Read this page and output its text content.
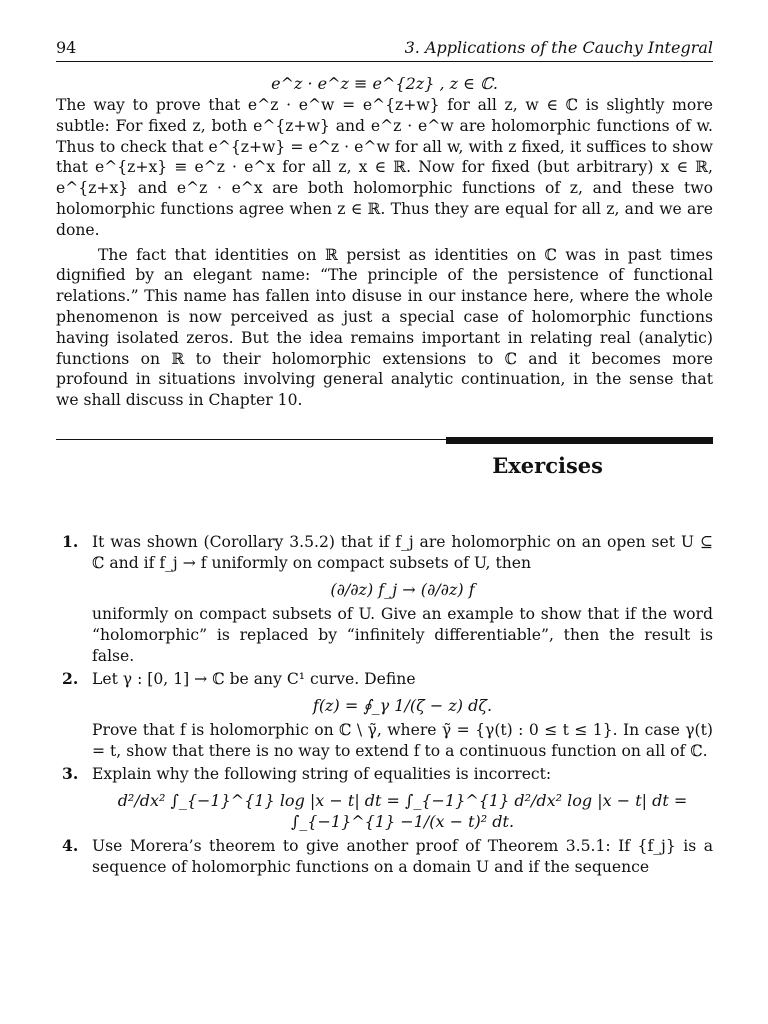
94	3. Applications of the Cauchy Integral

e^z · e^z ≡ e^{2z} , z ∈ ℂ.

The way to prove that e^z · e^w = e^{z+w} for all z, w ∈ ℂ is slightly more subtle: For fixed z, both e^{z+w} and e^z · e^w are holomorphic functions of w. Thus to check that e^{z+w} = e^z · e^w for all w, with z fixed, it suffices to show that e^{z+x} ≡ e^z · e^x for all z, x ∈ ℝ. Now for fixed (but arbitrary) x ∈ ℝ, e^{z+x} and e^z · e^x are both holomorphic functions of z, and these two holomorphic functions agree when z ∈ ℝ. Thus they are equal for all z, and we are done.

The fact that identities on ℝ persist as identities on ℂ was in past times dignified by an elegant name: “The principle of the persistence of functional relations.” This name has fallen into disuse in our instance here, where the whole phenomenon is now perceived as just a special case of holomorphic functions having isolated zeros. But the idea remains important in relating real (analytic) functions on ℝ to their holomorphic extensions to ℂ and it becomes more profound in situations involving general analytic continuation, in the sense that we shall discuss in Chapter 10.

Exercises
1. It was shown (Corollary 3.5.2) that if f_j are holomorphic on an open set U ⊆ ℂ and if f_j → f uniformly on compact subsets of U, then
(∂/∂z) f_j → (∂/∂z) f
uniformly on compact subsets of U. Give an example to show that if the word “holomorphic” is replaced by “infinitely differentiable”, then the result is false.
2. Let γ : [0, 1] → ℂ be any C¹ curve. Define
f(z) = ∮_γ 1/(ζ − z) dζ.
Prove that f is holomorphic on ℂ \ γ̃, where γ̃ = {γ(t) : 0 ≤ t ≤ 1}. In case γ(t) = t, show that there is no way to extend f to a continuous function on all of ℂ.
3. Explain why the following string of equalities is incorrect:
d²/dx² ∫_{−1}^{1} log |x − t| dt = ∫_{−1}^{1} d²/dx² log |x − t| dt = ∫_{−1}^{1} −1/(x − t)² dt.
4. Use Morera’s theorem to give another proof of Theorem 3.5.1: If {f_j} is a sequence of holomorphic functions on a domain U and if the sequence
